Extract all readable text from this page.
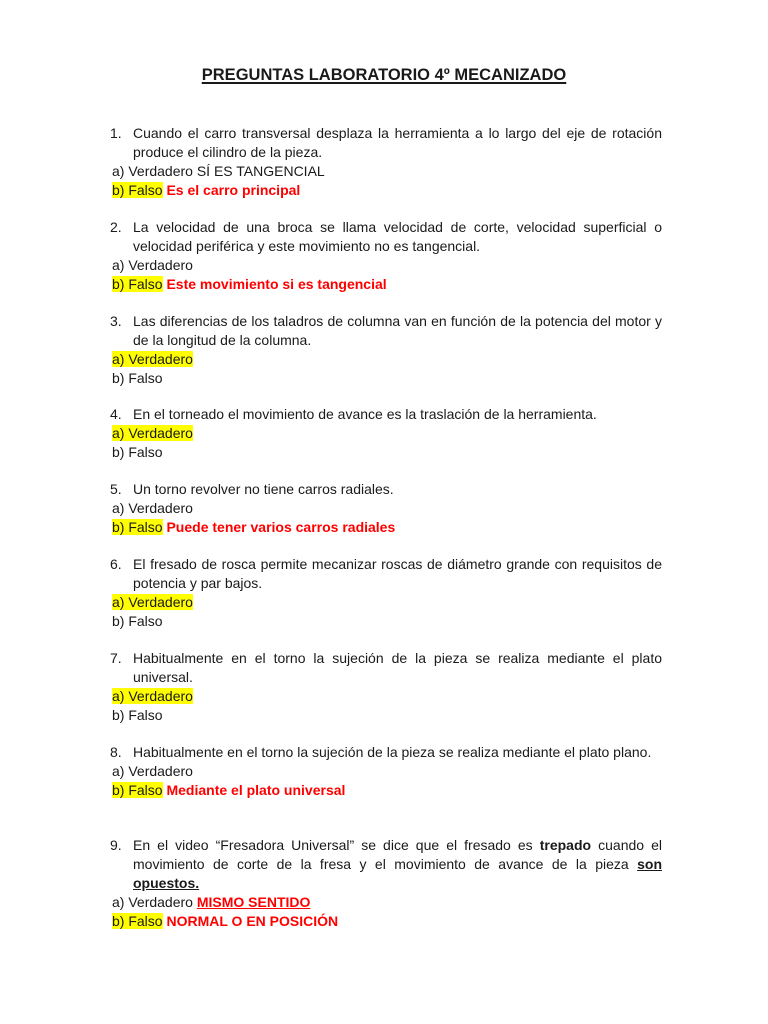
PREGUNTAS LABORATORIO 4º MECANIZADO
1. Cuando el carro transversal desplaza la herramienta a lo largo del eje de rotación produce el cilindro de la pieza.
a) Verdadero SÍ ES TANGENCIAL
b) Falso Es el carro principal
2. La velocidad de una broca se llama velocidad de corte, velocidad superficial o velocidad periférica y este movimiento no es tangencial.
a) Verdadero
b) Falso Este movimiento si es tangencial
3. Las diferencias de los taladros de columna van en función de la potencia del motor y de la longitud de la columna.
a) Verdadero
b) Falso
4. En el torneado el movimiento de avance es la traslación de la herramienta.
a) Verdadero
b) Falso
5. Un torno revolver no tiene carros radiales.
a) Verdadero
b) Falso Puede tener varios carros radiales
6. El fresado de rosca permite mecanizar roscas de diámetro grande con requisitos de potencia y par bajos.
a) Verdadero
b) Falso
7. Habitualmente en el torno la sujeción de la pieza se realiza mediante el plato universal.
a) Verdadero
b) Falso
8. Habitualmente en el torno la sujeción de la pieza se realiza mediante el plato plano.
a) Verdadero
b) Falso Mediante el plato universal
9. En el video “Fresadora Universal” se dice que el fresado es trepado cuando el movimiento de corte de la fresa y el movimiento de avance de la pieza son opuestos.
a) Verdadero MISMO SENTIDO
b) Falso NORMAL O EN POSICIÓN
